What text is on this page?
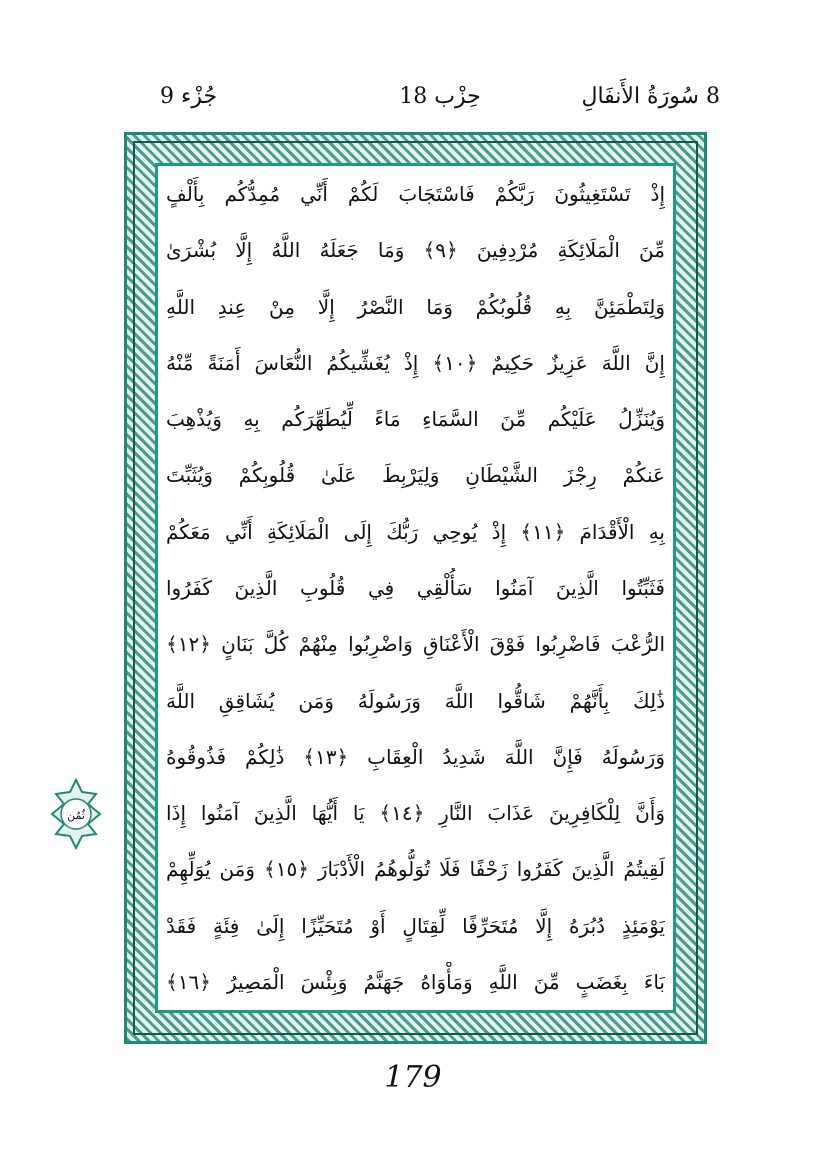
8 سُورَةُ الأَنفَالِ
حِزْب 18
جُزْء 9
إِذْ تَسْتَغِيثُونَ رَبَّكُمْ فَاسْتَجَابَ لَكُمْ أَنِّي مُمِدُّكُم بِأَلْفٍ
مِّنَ الْمَلَائِكَةِ مُرْدِفِينَ ﴿٩﴾ وَمَا جَعَلَهُ اللَّهُ إِلَّا بُشْرَىٰ
وَلِتَطْمَئِنَّ بِهِ قُلُوبُكُمْ وَمَا النَّصْرُ إِلَّا مِنْ عِندِ اللَّهِ
إِنَّ اللَّهَ عَزِيزٌ حَكِيمٌ ﴿١٠﴾ إِذْ يُغَشِّيكُمُ النُّعَاسَ أَمَنَةً مِّنْهُ
وَيُنَزِّلُ عَلَيْكُم مِّنَ السَّمَاءِ مَاءً لِّيُطَهِّرَكُم بِهِ وَيُذْهِبَ
عَنكُمْ رِجْزَ الشَّيْطَانِ وَلِيَرْبِطَ عَلَىٰ قُلُوبِكُمْ وَيُثَبِّتَ
بِهِ الْأَقْدَامَ ﴿١١﴾ إِذْ يُوحِي رَبُّكَ إِلَى الْمَلَائِكَةِ أَنِّي مَعَكُمْ
فَثَبِّتُوا الَّذِينَ آمَنُوا سَأُلْقِي فِي قُلُوبِ الَّذِينَ كَفَرُوا
الرُّعْبَ فَاضْرِبُوا فَوْقَ الْأَعْنَاقِ وَاضْرِبُوا مِنْهُمْ كُلَّ بَنَانٍ ﴿١٢﴾
ذَٰلِكَ بِأَنَّهُمْ شَاقُّوا اللَّهَ وَرَسُولَهُ وَمَن يُشَاقِقِ اللَّهَ
وَرَسُولَهُ فَإِنَّ اللَّهَ شَدِيدُ الْعِقَابِ ﴿١٣﴾ ذَٰلِكُمْ فَذُوقُوهُ
وَأَنَّ لِلْكَافِرِينَ عَذَابَ النَّارِ ﴿١٤﴾ يَا أَيُّهَا الَّذِينَ آمَنُوا إِذَا
لَقِيتُمُ الَّذِينَ كَفَرُوا زَحْفًا فَلَا تُوَلُّوهُمُ الْأَدْبَارَ ﴿١٥﴾ وَمَن يُوَلِّهِمْ
يَوْمَئِذٍ دُبُرَهُ إِلَّا مُتَحَرِّفًا لِّقِتَالٍ أَوْ مُتَحَيِّزًا إِلَىٰ فِئَةٍ فَقَدْ
بَاءَ بِغَضَبٍ مِّنَ اللَّهِ وَمَأْوَاهُ جَهَنَّمُ وَبِئْسَ الْمَصِيرُ ﴿١٦﴾
ثُمُن
179
